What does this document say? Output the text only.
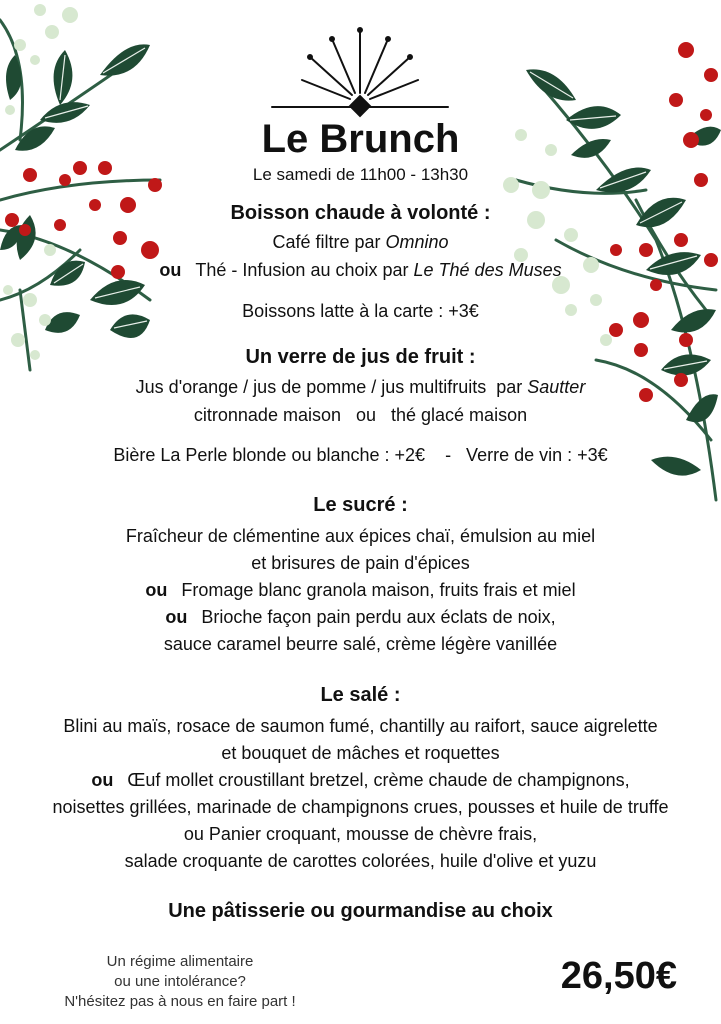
Le Brunch
Le samedi de 11h00 - 13h30
Boisson chaude à volonté :
Café filtre par Omnino
ou Thé - Infusion au choix par Le Thé des Muses
Boissons latte à la carte : +3€
Un verre de jus de fruit :
Jus d'orange / jus de pomme / jus multifruits  par Sautter
citronnade maison   ou   thé glacé maison
Bière La Perle blonde ou blanche : +2€    -   Verre de vin : +3€
Le sucré :
Fraîcheur de clémentine aux épices chaï, émulsion au miel
et brisures de pain d'épices
ou Fromage blanc granola maison, fruits frais et miel
ou Brioche façon pain perdu aux éclats de noix,
sauce caramel beurre salé, crème légère vanillée
Le salé :
Blini au maïs, rosace de saumon fumé, chantilly au raifort, sauce aigrelette
et bouquet de mâches et roquettes
ou Œuf mollet croustillant bretzel, crème chaude de champignons,
noisettes grillées, marinade de champignons crues, pousses et huile de truffe
ou Panier croquant, mousse de chèvre frais,
salade croquante de carottes colorées, huile d'olive et yuzu
Une pâtisserie ou gourmandise au choix
Un régime alimentaire
ou une intolérance?
N'hésitez pas à nous en faire part !
26,50€
